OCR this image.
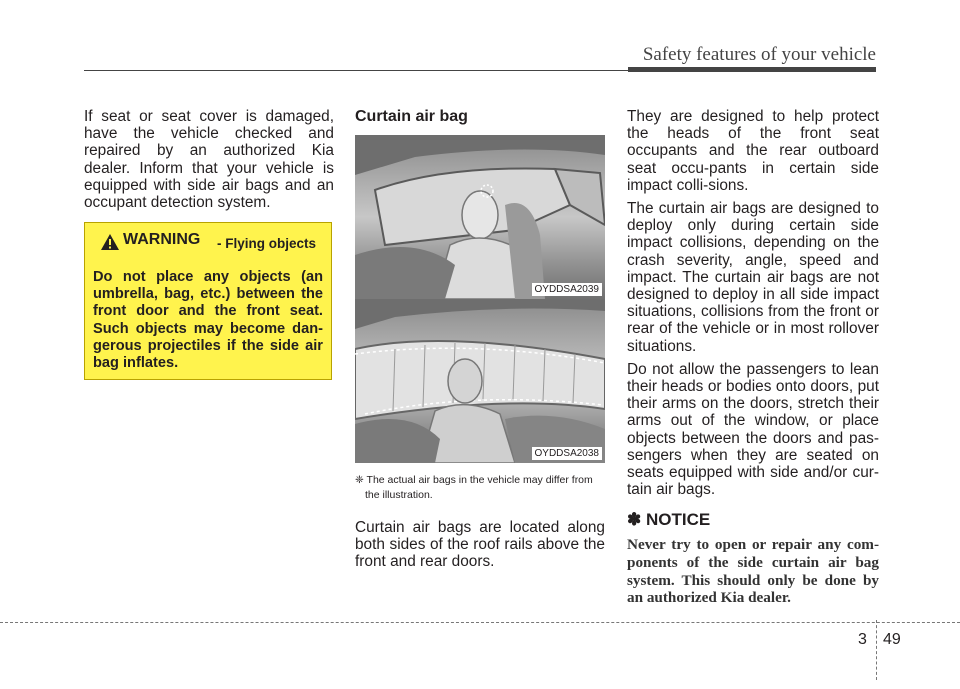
Safety features of your vehicle

If seat or seat cover is damaged, have the vehicle checked and repaired by an authorized Kia dealer. Inform that your vehicle is equipped with side air bags and an occupant detection system.

WARNING - Flying objects
Do not place any objects (an umbrella, bag, etc.) between the front door and the front seat. Such objects may become dan-gerous projectiles if the side air bag inflates.
Curtain air bag
OYDDSA2039
OYDDSA2038
❈ The actual air bags in the vehicle may differ from the illustration.

Curtain air bags are located along both sides of the roof rails above the front and rear doors.

They are designed to help protect the heads of the front seat occupants and the rear outboard seat occu-pants in certain side impact colli-sions.

The curtain air bags are designed to deploy only during certain side impact collisions, depending on the crash severity, angle, speed and impact. The curtain air bags are not designed to deploy in all side impact situations, collisions from the front or rear of the vehicle or in most rollover situations.

Do not allow the passengers to lean their heads or bodies onto doors, put their arms on the doors, stretch their arms out of the window, or place objects between the doors and pas-sengers when they are seated on seats equipped with side and/or cur-tain air bags.

✽ NOTICE
Never try to open or repair any com-ponents of the side curtain air bag system. This should only be done by an authorized Kia dealer.
3 49
